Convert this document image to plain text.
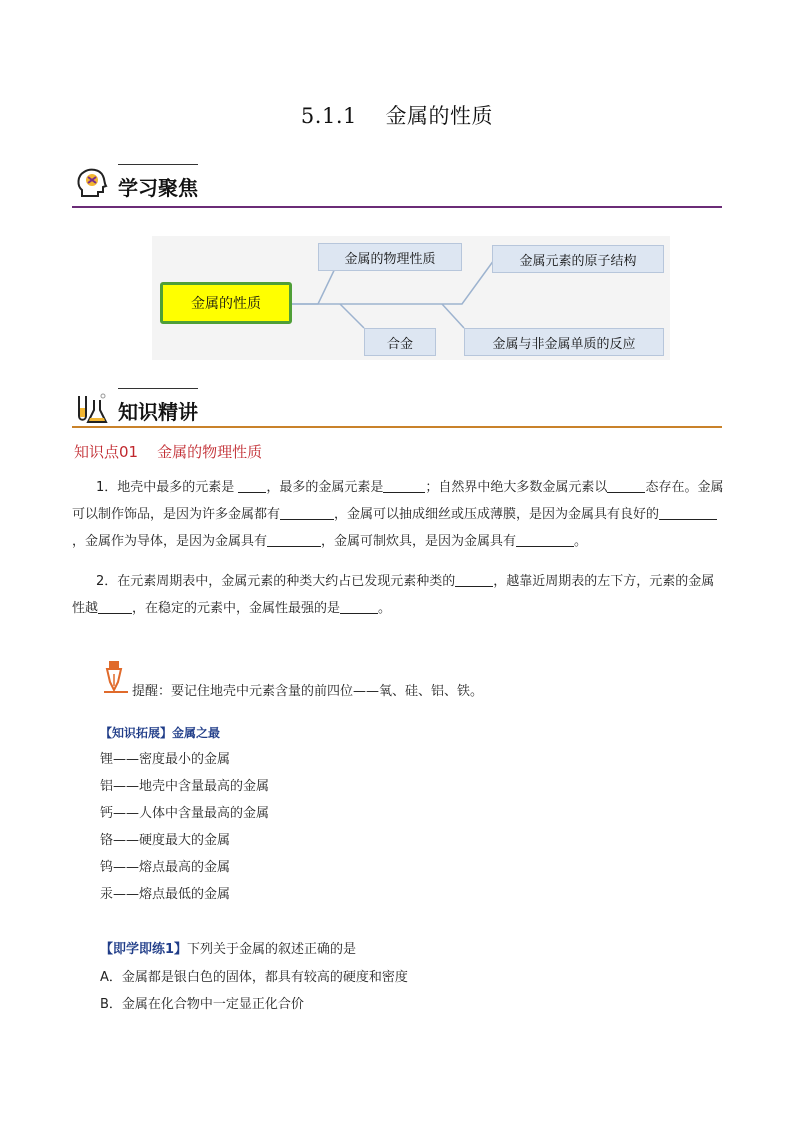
5.1.1    金属的性质
学习聚焦
金属的性质
金属的物理性质
合金
金属元素的原子结构
金属与非金属单质的反应
知识精讲
知识点01    金属的物理性质

1．地壳中最多的元素是 ，最多的金属元素是	；自然界中绝大多数金属元素以	态存在。金属可以制作饰品，是因为许多金属都有	，金属可以抽成细丝或压成薄膜，是因为金属具有良好的，金属作为导体，是因为金属具有	，金属可制炊具，是因为金属具有	。

2．在元素周期表中，金属元素的种类大约占已发现元素种类的	，越靠近周期表的左下方，元素的金属性越	，在稳定的元素中，金属性最强的是	。

提醒：要记住地壳中元素含量的前四位——氧、硅、铝、铁。
【知识拓展】金属之最
锂——密度最小的金属
铝——地壳中含量最高的金属
钙——人体中含量最高的金属
铬——硬度最大的金属
钨——熔点最高的金属
汞——熔点最低的金属
【即学即练1】下列关于金属的叙述正确的是
A．金属都是银白色的固体，都具有较高的硬度和密度
B．金属在化合物中一定显正化合价
